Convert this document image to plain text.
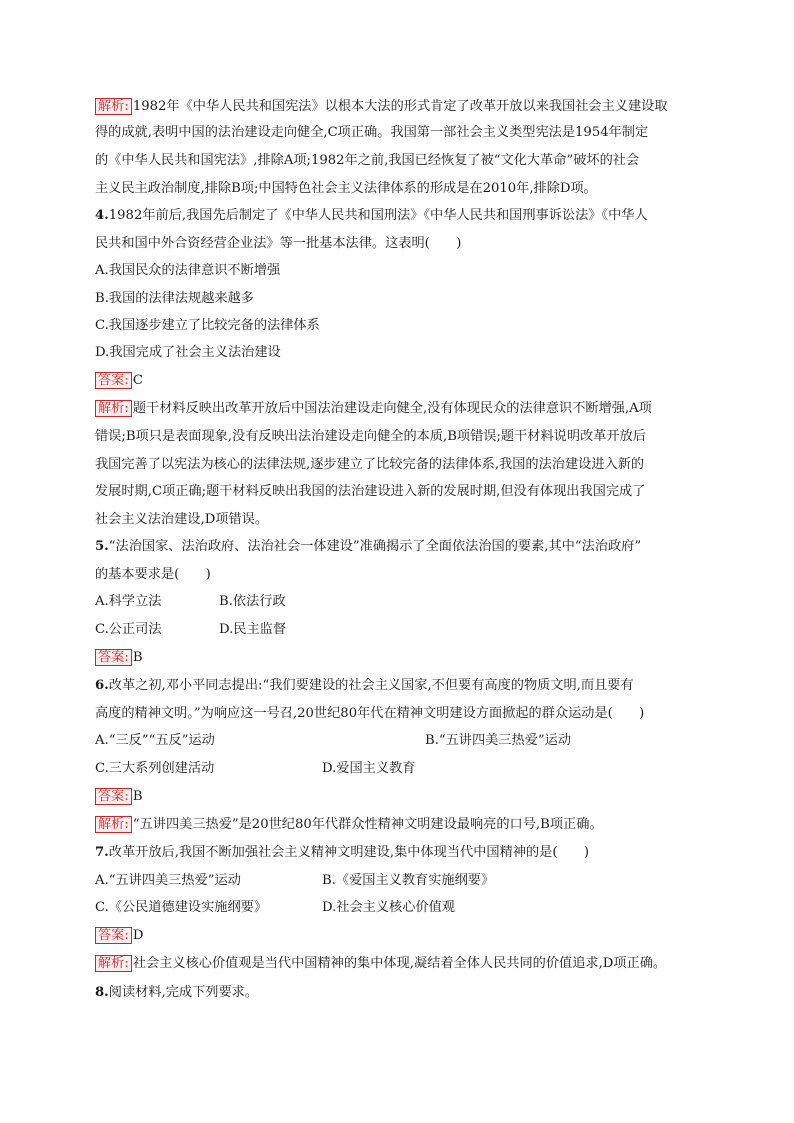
解析: 1982年《中华人民共和国宪法》以根本大法的形式肯定了改革开放以来我国社会主义建设取
得的成就,表明中国的法治建设走向健全,C项正确。我国第一部社会主义类型宪法是1954年制定
的《中华人民共和国宪法》,排除A项;1982年之前,我国已经恢复了被“文化大革命”破坏的社会
主义民主政治制度,排除B项;中国特色社会主义法律体系的形成是在2010年,排除D项。
4.1982年前后,我国先后制定了《中华人民共和国刑法》《中华人民共和国刑事诉讼法》《中华人
民共和国中外合资经营企业法》等一批基本法律。这表明(　　)
A.我国民众的法律意识不断增强
B.我国的法律法规越来越多
C.我国逐步建立了比较完备的法律体系
D.我国完成了社会主义法治建设
答案: C
解析: 题干材料反映出改革开放后中国法治建设走向健全,没有体现民众的法律意识不断增强,A项
错误;B项只是表面现象,没有反映出法治建设走向健全的本质,B项错误;题干材料说明改革开放后
我国完善了以宪法为核心的法律法规,逐步建立了比较完备的法律体系,我国的法治建设进入新的
发展时期,C项正确;题干材料反映出我国的法治建设进入新的发展时期,但没有体现出我国完成了
社会主义法治建设,D项错误。
5.“法治国家、法治政府、法治社会一体建设”准确揭示了全面依法治国的要素,其中“法治政府”
的基本要求是(　　)
A.科学立法	B.依法行政
C.公正司法	D.民主监督
答案: B
6.改革之初,邓小平同志提出:“我们要建设的社会主义国家,不但要有高度的物质文明,而且要有
高度的精神文明。”为响应这一号召,20世纪80年代在精神文明建设方面掀起的群众运动是(　　)
A.“三反”“五反”运动	B.“五讲四美三热爱”运动
C.三大系列创建活动	D.爱国主义教育
答案: B
解析: “五讲四美三热爱”是20世纪80年代群众性精神文明建设最响亮的口号,B项正确。
7.改革开放后,我国不断加强社会主义精神文明建设,集中体现当代中国精神的是(　　)
A.“五讲四美三热爱”运动	B.《爱国主义教育实施纲要》
C.《公民道德建设实施纲要》	D.社会主义核心价值观
答案: D
解析: 社会主义核心价值观是当代中国精神的集中体现,凝结着全体人民共同的价值追求,D项正确。
8.阅读材料,完成下列要求。
